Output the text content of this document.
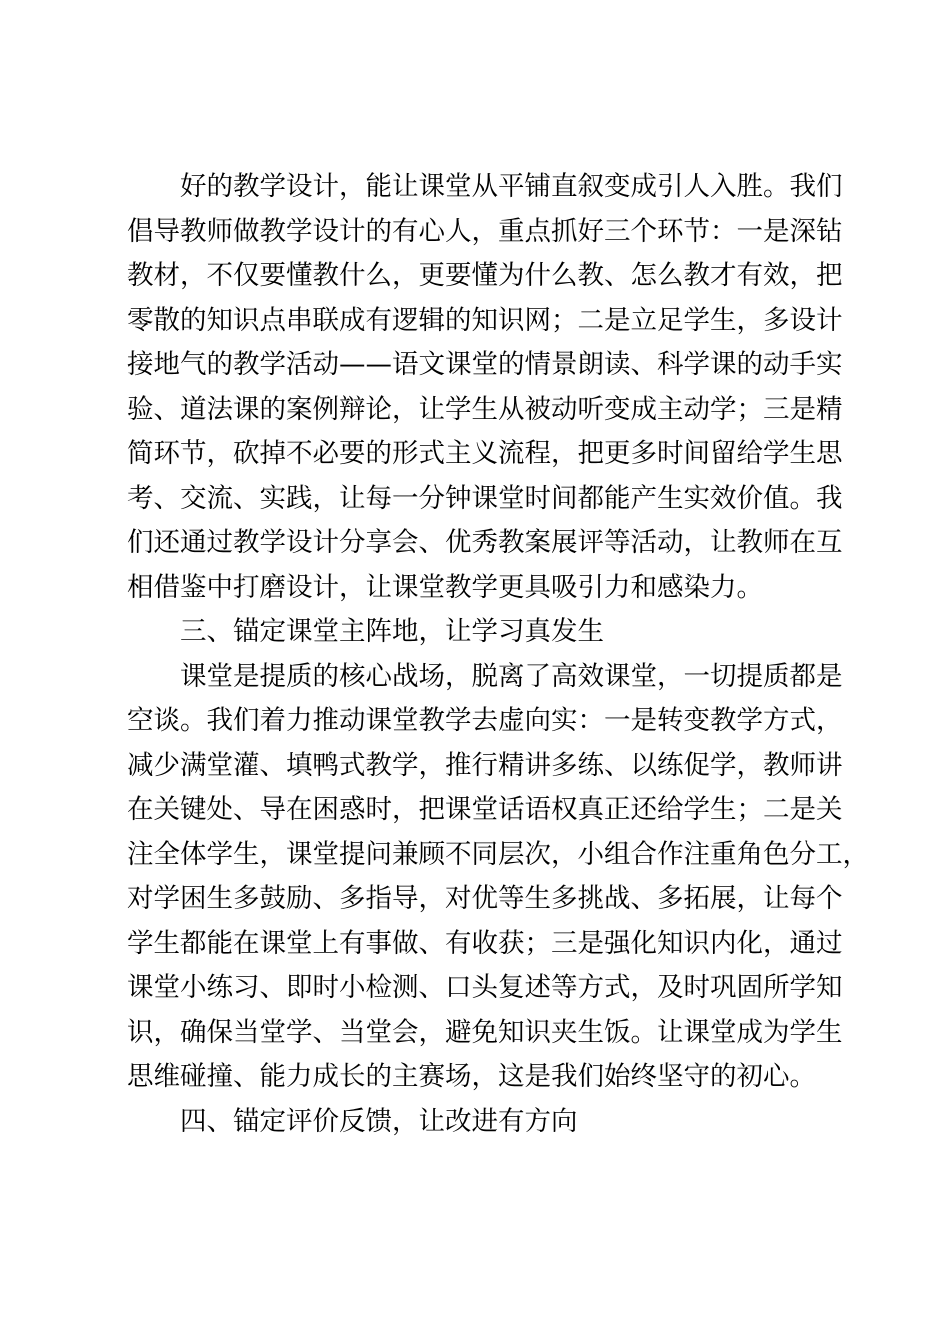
好的教学设计，能让课堂从平铺直叙变成引人入胜。我们

倡导教师做教学设计的有心人，重点抓好三个环节：一是深钻

教材，不仅要懂教什么，更要懂为什么教、怎么教才有效，把

零散的知识点串联成有逻辑的知识网；二是立足学生，多设计

接地气的教学活动——语文课堂的情景朗读、科学课的动手实

验、道法课的案例辩论，让学生从被动听变成主动学；三是精

简环节，砍掉不必要的形式主义流程，把更多时间留给学生思

考、交流、实践，让每一分钟课堂时间都能产生实效价值。我

们还通过教学设计分享会、优秀教案展评等活动，让教师在互

相借鉴中打磨设计，让课堂教学更具吸引力和感染力。

三、锚定课堂主阵地，让学习真发生

课堂是提质的核心战场，脱离了高效课堂，一切提质都是

空谈。我们着力推动课堂教学去虚向实：一是转变教学方式，

减少满堂灌、填鸭式教学，推行精讲多练、以练促学，教师讲

在关键处、导在困惑时，把课堂话语权真正还给学生；二是关

注全体学生，课堂提问兼顾不同层次，小组合作注重角色分工，

对学困生多鼓励、多指导，对优等生多挑战、多拓展，让每个

学生都能在课堂上有事做、有收获；三是强化知识内化，通过

课堂小练习、即时小检测、口头复述等方式，及时巩固所学知

识，确保当堂学、当堂会，避免知识夹生饭。让课堂成为学生

思维碰撞、能力成长的主赛场，这是我们始终坚守的初心。

四、锚定评价反馈，让改进有方向
